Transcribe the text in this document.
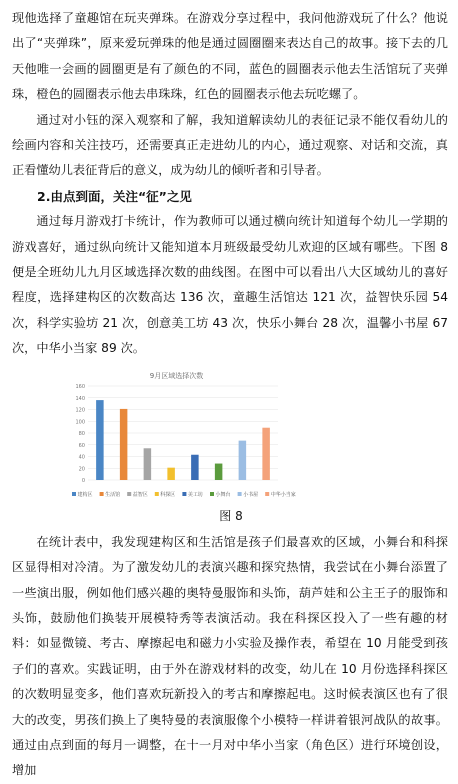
现他选择了童趣馆在玩夹弹珠。在游戏分享过程中，我问他游戏玩了什么？他说出了“夹弹珠”，原来爱玩弹珠的他是通过圆圈圈来表达自己的故事。接下去的几天他唯一会画的圆圈更是有了颜色的不同，蓝色的圆圈表示他去生活馆玩了夹弹珠，橙色的圆圈表示他去串珠珠，红色的圆圈表示他去玩吃螺了。

通过对小钰的深入观察和了解，我知道解读幼儿的表征记录不能仅看幼儿的绘画内容和关注技巧，还需要真正走进幼儿的内心，通过观察、对话和交流，真正看懂幼儿表征背后的意义，成为幼儿的倾听者和引导者。

2.由点到面，关注“征”之见

通过每月游戏打卡统计，作为教师可以通过横向统计知道每个幼儿一学期的游戏喜好，通过纵向统计又能知道本月班级最受幼儿欢迎的区域有哪些。下图 8 便是全班幼儿九月区域选择次数的曲线图。在图中可以看出八大区域幼儿的喜好程度，选择建构区的次数高达 136 次，童趣生活馆达 121 次，益智快乐园 54 次，科学实验坊 21 次，创意美工坊 43 次，快乐小舞台 28 次，温馨小书屋 67 次，中华小当家 89 次。

9月区域选择次数
0
20
40
60
80
100
120
140
160
建构区	生活馆	益智区	科探区	美工坊	小舞台	小书屋	中华小当家

图 8

在统计表中，我发现建构区和生活馆是孩子们最喜欢的区域，小舞台和科探区显得相对冷清。为了激发幼儿的表演兴趣和探究热情，我尝试在小舞台添置了一些演出服，例如他们感兴趣的奥特曼服饰和头饰，葫芦娃和公主王子的服饰和头饰，鼓励他们换装开展模特秀等表演活动。我在科探区投入了一些有趣的材料：如显微镜、考古、摩擦起电和磁力小实验及操作表，希望在 10 月能受到孩子们的喜欢。实践证明，由于外在游戏材料的改变，幼儿在 10 月份选择科探区的次数明显变多，他们喜欢玩新投入的考古和摩擦起电。这时候表演区也有了很大的改变，男孩们换上了奥特曼的表演服像个小模特一样讲着银河战队的故事。通过由点到面的每月一调整，在十一月对中华小当家（角色区）进行环境创设，增加
